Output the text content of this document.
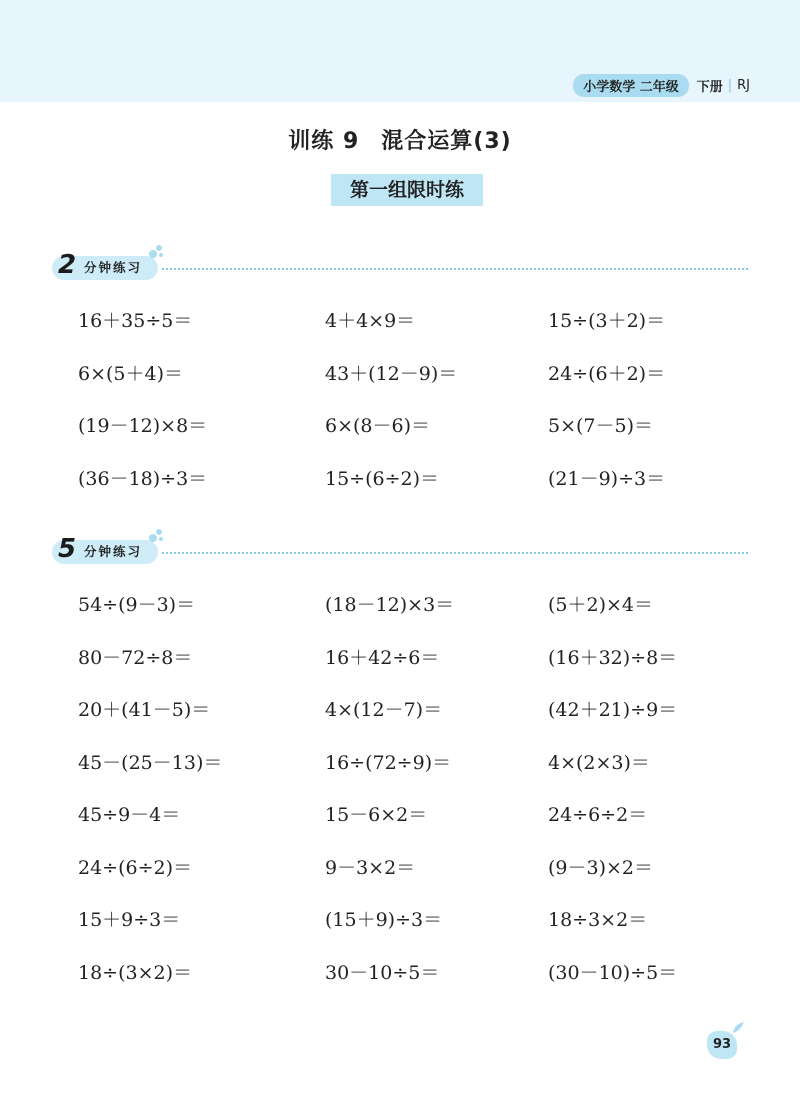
小学数学 二年级	下册 | RJ
训练 9 混合运算(3)
第一组限时练
2 分钟练习
16＋35÷5＝	4＋4×9＝	15÷(3＋2)＝
6×(5＋4)＝	43＋(12－9)＝	24÷(6＋2)＝
(19－12)×8＝	6×(8－6)＝	5×(7－5)＝
(36－18)÷3＝	15÷(6÷2)＝	(21－9)÷3＝
5 分钟练习
54÷(9－3)＝	(18－12)×3＝	(5＋2)×4＝
80－72÷8＝	16＋42÷6＝	(16＋32)÷8＝
20＋(41－5)＝	4×(12－7)＝	(42＋21)÷9＝
45－(25－13)＝	16÷(72÷9)＝	4×(2×3)＝
45÷9－4＝	15－6×2＝	24÷6÷2＝
24÷(6÷2)＝	9－3×2＝	(9－3)×2＝
15＋9÷3＝	(15＋9)÷3＝	18÷3×2＝
18÷(3×2)＝	30－10÷5＝	(30－10)÷5＝
93
